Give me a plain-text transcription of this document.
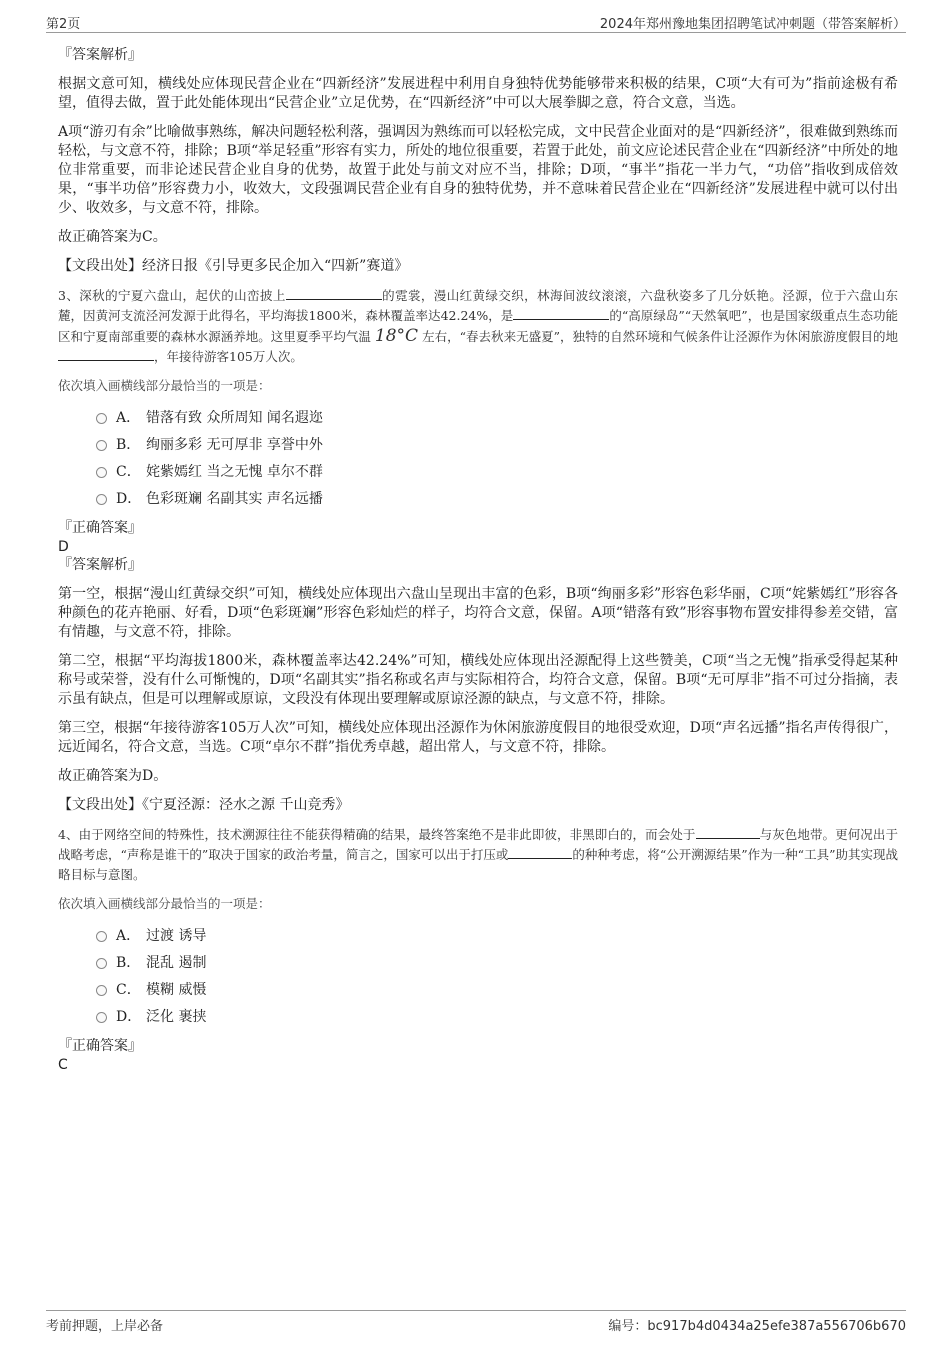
第2页	2024年郑州豫地集团招聘笔试冲刺题（带答案解析）

『答案解析』

根据文意可知，横线处应体现民营企业在“四新经济”发展进程中利用自身独特优势能够带来积极的结果，C项“大有可为”指前途极有希望，值得去做，置于此处能体现出“民营企业”立足优势，在“四新经济”中可以大展拳脚之意，符合文意，当选。

A项“游刃有余”比喻做事熟练，解决问题轻松利落，强调因为熟练而可以轻松完成，文中民营企业面对的是“四新经济”，很难做到熟练而轻松，与文意不符，排除；B项“举足轻重”形容有实力，所处的地位很重要，若置于此处，前文应论述民营企业在“四新经济”中所处的地位非常重要，而非论述民营企业自身的优势，故置于此处与前文对应不当，排除；D项，“事半”指花一半力气，“功倍”指收到成倍效果，“事半功倍”形容费力小，收效大，文段强调民营企业有自身的独特优势，并不意味着民营企业在“四新经济”发展进程中就可以付出少、收效多，与文意不符，排除。

故正确答案为C。

【文段出处】经济日报《引导更多民企加入“四新”赛道》

3、深秋的宁夏六盘山，起伏的山峦披上	的霓裳，漫山红黄绿交织，林海间波纹滚滚，六盘秋姿多了几分妖艳。泾源，位于六盘山东麓，因黄河支流泾河发源于此得名，平均海拔1800米，森林覆盖率达42.24%，是	的“高原绿岛”“天然氧吧”，也是国家级重点生态功能区和宁夏南部重要的森林水源涵养地。这里夏季平均气温 18°C 左右，“春去秋来无盛夏”，独特的自然环境和气候条件让泾源作为休闲旅游度假目的地，年接待游客105万人次。

依次填入画横线部分最恰当的一项是：

A． 错落有致 众所周知 闻名遐迩
B． 绚丽多彩 无可厚非 享誉中外
C． 姹紫嫣红 当之无愧 卓尔不群
D． 色彩斑斓 名副其实 声名远播

『正确答案』

D

『答案解析』

第一空，根据“漫山红黄绿交织”可知，横线处应体现出六盘山呈现出丰富的色彩，B项“绚丽多彩”形容色彩华丽，C项“姹紫嫣红”形容各种颜色的花卉艳丽、好看，D项“色彩斑斓”形容色彩灿烂的样子，均符合文意，保留。A项“错落有致”形容事物布置安排得参差交错，富有情趣，与文意不符，排除。

第二空，根据“平均海拔1800米，森林覆盖率达42.24%”可知，横线处应体现出泾源配得上这些赞美，C项“当之无愧”指承受得起某种称号或荣誉，没有什么可惭愧的，D项“名副其实”指名称或名声与实际相符合，均符合文意，保留。B项“无可厚非”指不可过分指摘，表示虽有缺点，但是可以理解或原谅，文段没有体现出要理解或原谅泾源的缺点，与文意不符，排除。

第三空，根据“年接待游客105万人次”可知，横线处应体现出泾源作为休闲旅游度假目的地很受欢迎，D项“声名远播”指名声传得很广，远近闻名，符合文意，当选。C项“卓尔不群”指优秀卓越，超出常人，与文意不符，排除。

故正确答案为D。

【文段出处】《宁夏泾源：泾水之源 千山竞秀》

4、由于网络空间的特殊性，技术溯源往往不能获得精确的结果，最终答案绝不是非此即彼，非黑即白的，而会处于	与灰色地带。更何况出于战略考虑，“声称是谁干的”取决于国家的政治考量，简言之，国家可以出于打压或	的种种考虑，将“公开溯源结果”作为一种“工具”助其实现战略目标与意图。

依次填入画横线部分最恰当的一项是：

A． 过渡 诱导
B． 混乱 遏制
C． 模糊 威慑
D． 泛化 裹挟

『正确答案』

C

考前押题，上岸必备	编号：bc917b4d0434a25efe387a556706b670
